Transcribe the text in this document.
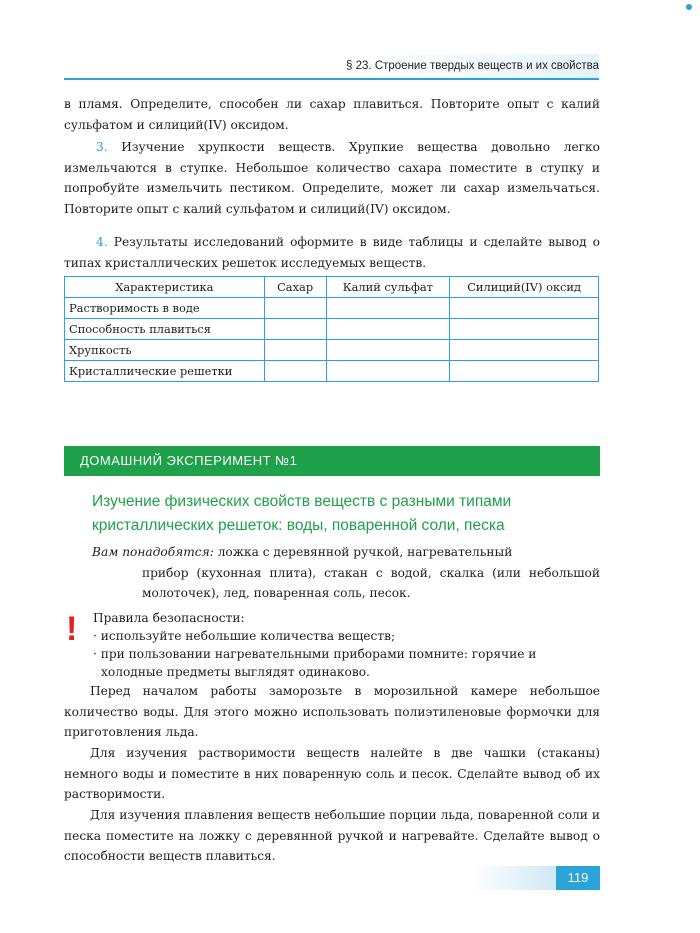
§ 23. Строение твердых веществ и их свойства

в пламя. Определите, способен ли сахар плавиться. Повторите опыт с калий сульфатом и силиций(IV) оксидом.

3. Изучение хрупкости веществ. Хрупкие вещества довольно легко измельчаются в ступке. Небольшое количество сахара поместите в ступку и попробуйте измельчить пестиком. Определите, может ли сахар измельчаться. Повторите опыт с калий сульфатом и силиций(IV) оксидом.

4. Результаты исследований оформите в виде таблицы и сделайте вывод о типах кристаллических решеток исследуемых веществ.

Характеристика	Сахар	Калий сульфат	Силиций(IV) оксид
Растворимость в воде			
Способность плавиться			
Хрупкость			
Кристаллические решетки			
ДОМАШНИЙ ЭКСПЕРИМЕНТ №1
Изучение физических свойств веществ с разными типами кристаллических решеток: воды, поваренной соли, песка

Вам понадобятся: ложка с деревянной ручкой, нагревательный
прибор (кухонная плита), стакан с водой, скалка (или небольшой молоточек), лед, поваренная соль, песок.

! Правила безопасности:

· используйте небольшие количества веществ;

· при пользовании нагревательными приборами помните: горячие и холодные предметы выглядят одинаково.

Перед началом работы заморозьте в морозильной камере небольшое количество воды. Для этого можно использовать полиэтиленовые формочки для приготовления льда.

Для изучения растворимости веществ налейте в две чашки (стаканы) немного воды и поместите в них поваренную соль и песок. Сделайте вывод об их растворимости.

Для изучения плавления веществ небольшие порции льда, поваренной соли и песка поместите на ложку с деревянной ручкой и нагревайте. Сделайте вывод о способности веществ плавиться.

119
